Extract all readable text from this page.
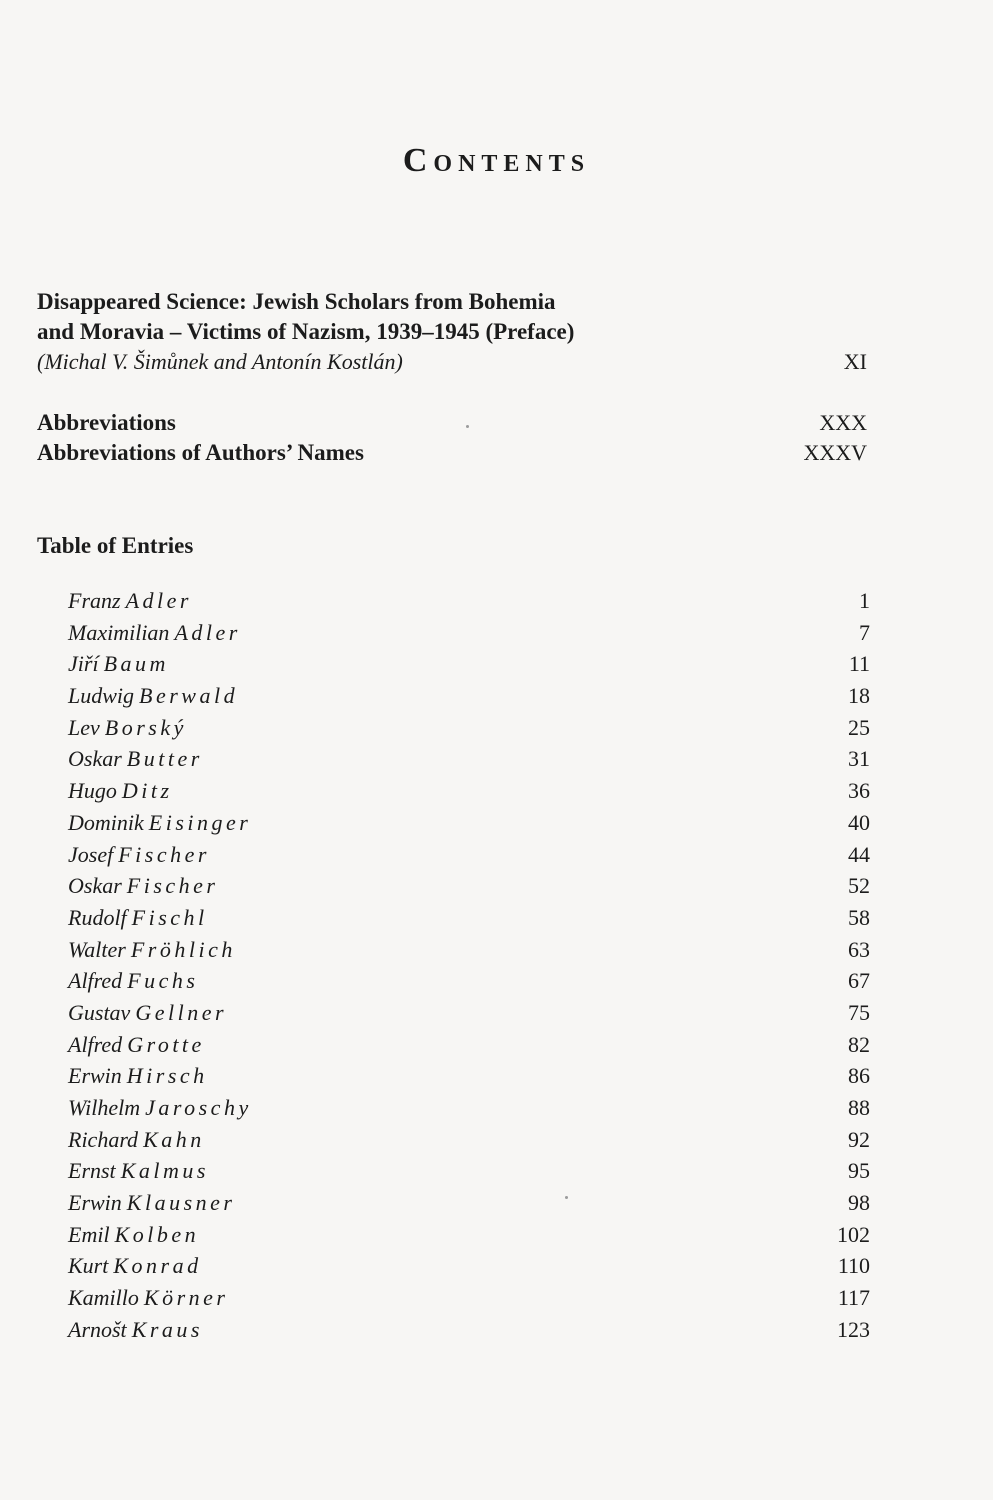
Contents
Disappeared Science: Jewish Scholars from Bohemia
and Moravia – Victims of Nazism, 1939–1945 (Preface)
(Michal V. Šimůnek and Antonín Kostlán)	XI
Abbreviations	XXX
Abbreviations of Authors’ Names	XXXV
Table of Entries
Franz Adler	1
Maximilian Adler	7
Jiří Baum	11
Ludwig Berwald	18
Lev Borský	25
Oskar Butter	31
Hugo Ditz	36
Dominik Eisinger	40
Josef Fischer	44
Oskar Fischer	52
Rudolf Fischl	58
Walter Fröhlich	63
Alfred Fuchs	67
Gustav Gellner	75
Alfred Grotte	82
Erwin Hirsch	86
Wilhelm Jaroschy	88
Richard Kahn	92
Ernst Kalmus	95
Erwin Klausner	98
Emil Kolben	102
Kurt Konrad	110
Kamillo Körner	117
Arnošt Kraus	123
